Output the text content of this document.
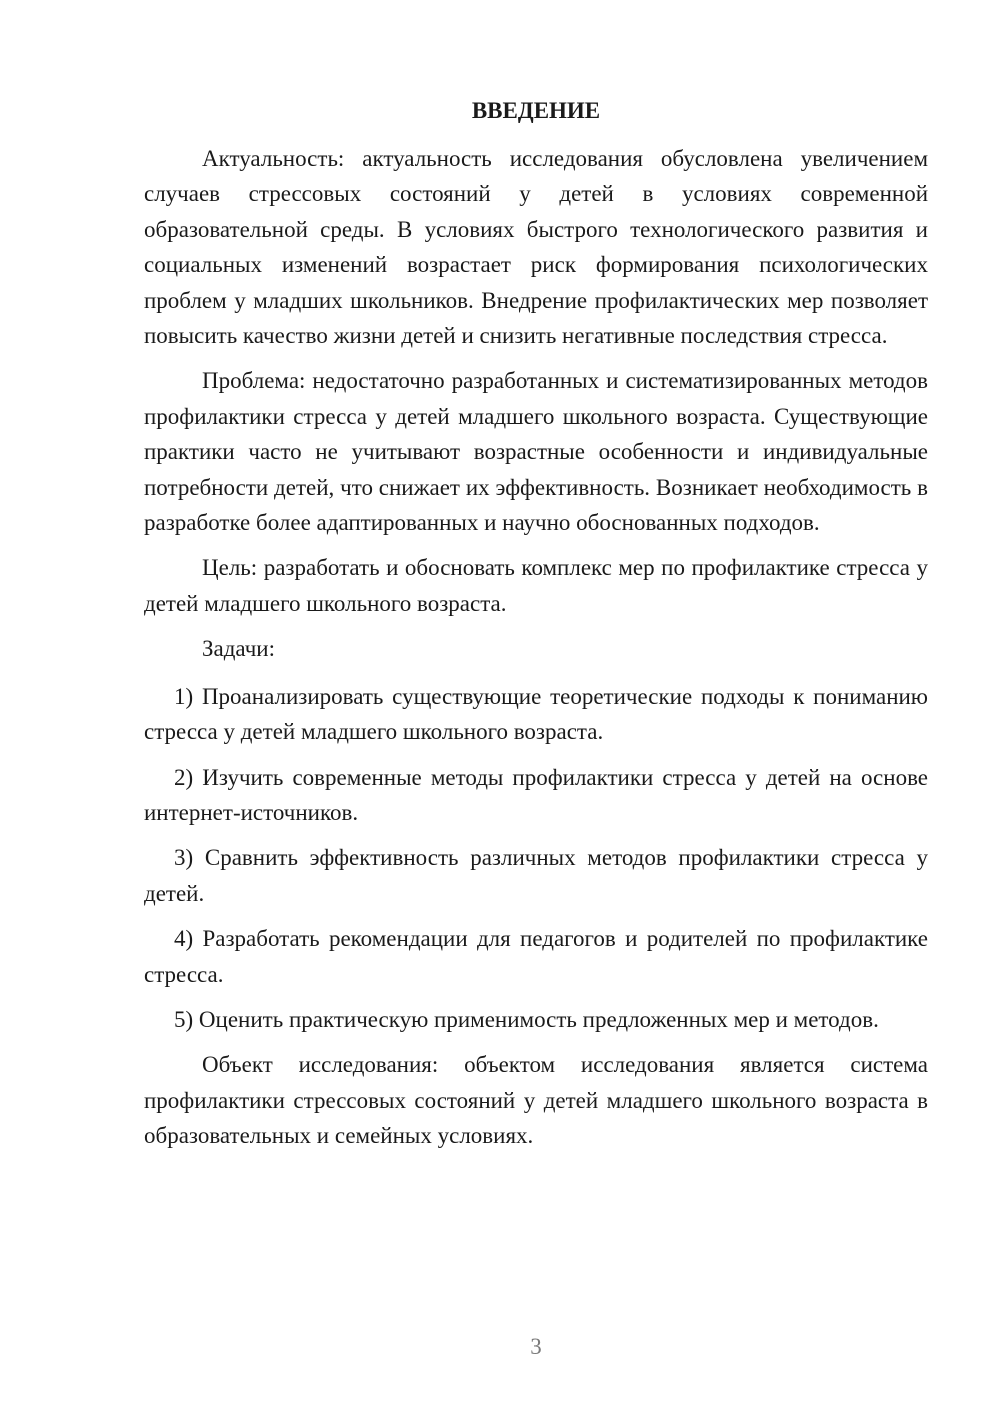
ВВЕДЕНИЕ

Актуальность: актуальность исследования обусловлена увеличением случаев стрессовых состояний у детей в условиях современной образовательной среды. В условиях быстрого технологического развития и социальных изменений возрастает риск формирования психологических проблем у младших школьников. Внедрение профилактических мер позволяет повысить качество жизни детей и снизить негативные последствия стресса.

Проблема: недостаточно разработанных и систематизированных методов профилактики стресса у детей младшего школьного возраста. Существующие практики часто не учитывают возрастные особенности и индивидуальные потребности детей, что снижает их эффективность. Возникает необходимость в разработке более адаптированных и научно обоснованных подходов.

Цель: разработать и обосновать комплекс мер по профилактике стресса у детей младшего школьного возраста.

Задачи:

1) Проанализировать существующие теоретические подходы к пониманию стресса у детей младшего школьного возраста.

2) Изучить современные методы профилактики стресса у детей на основе интернет-источников.

3) Сравнить эффективность различных методов профилактики стресса у детей.

4) Разработать рекомендации для педагогов и родителей по профилактике стресса.

5) Оценить практическую применимость предложенных мер и методов.

Объект исследования: объектом исследования является система профилактики стрессовых состояний у детей младшего школьного возраста в образовательных и семейных условиях.

3
